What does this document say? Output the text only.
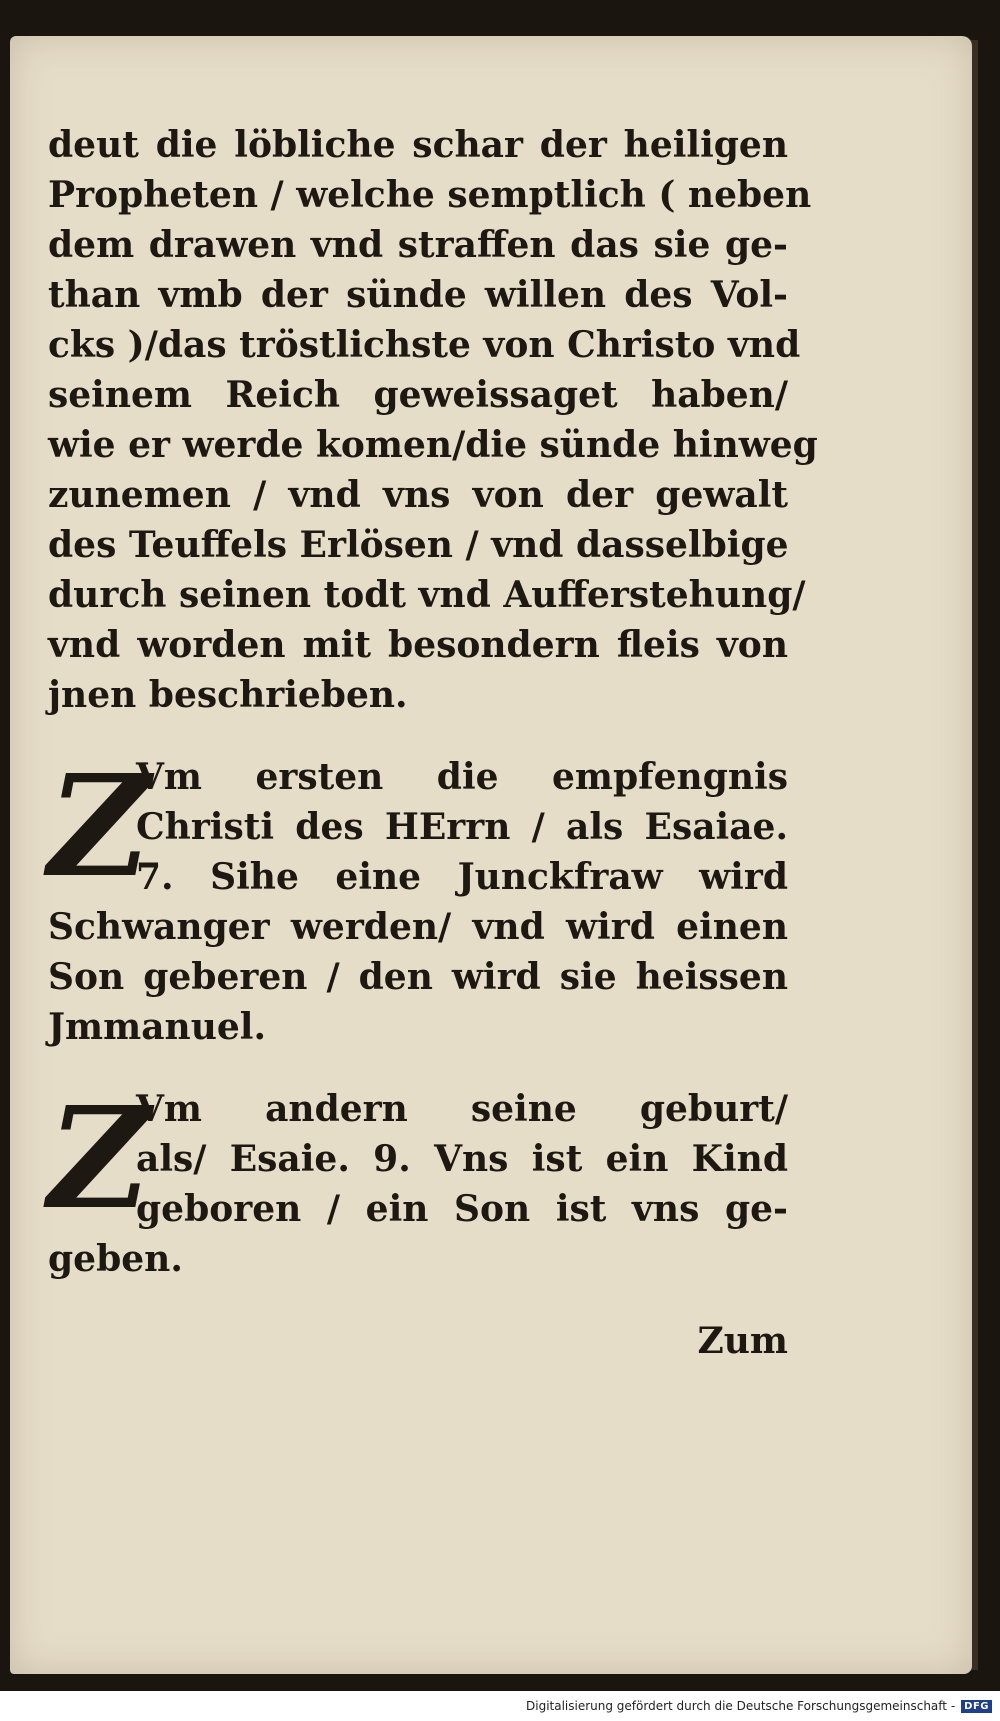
deut die löbliche schar der heiligen
Propheten / welche semptlich ( neben
dem drawen vnd straffen das sie ge-
than vmb der sünde willen des Vol-
cks )/das tröstlichste von Christo vnd
seinem Reich geweissaget haben/
wie er werde komen/die sünde hinweg
zunemen / vnd vns von der gewalt
des Teuffels Erlösen / vnd dasselbige
durch seinen todt vnd Aufferstehung/
vnd worden mit besondern fleis von
jnen beschrieben.
Z
Vm ersten die empfengnis
Christi des HErrn / als Esaiae.
7. Sihe eine Junckfraw wird
Schwanger werden/ vnd wird einen
Son geberen / den wird sie heissen
Jmmanuel.
Z
Vm andern seine geburt/
als/ Esaie. 9. Vns ist ein Kind
geboren / ein Son ist vns ge-
geben.
Zum
Digitalisierung gefördert durch die Deutsche Forschungsgemeinschaft - DFG
